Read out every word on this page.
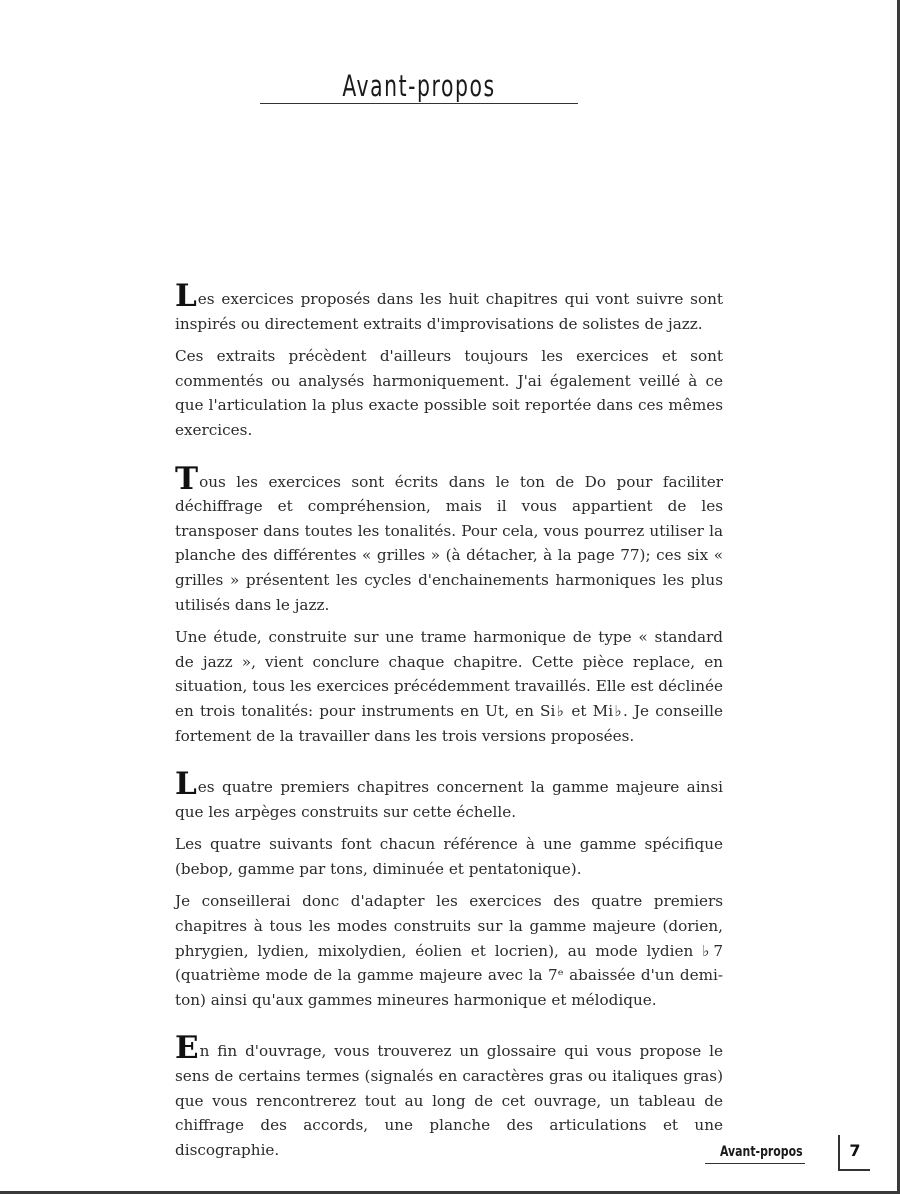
Avant-propos

Les exercices proposés dans les huit chapitres qui vont suivre sont inspirés ou directement extraits d'improvisations de solistes de jazz.

Ces extraits précèdent d'ailleurs toujours les exercices et sont commentés ou analysés harmoniquement. J'ai également veillé à ce que l'articulation la plus exacte possible soit reportée dans ces mêmes exercices.

Tous les exercices sont écrits dans le ton de Do pour faciliter déchiffrage et compréhension, mais il vous appartient de les transposer dans toutes les tonalités. Pour cela, vous pourrez utiliser la planche des différentes « grilles » (à détacher, à la page 77); ces six « grilles » présentent les cycles d'enchainements harmoniques les plus utilisés dans le jazz.

Une étude, construite sur une trame harmonique de type « standard de jazz », vient conclure chaque chapitre. Cette pièce replace, en situation, tous les exercices précédemment travaillés. Elle est déclinée en trois tonalités: pour instruments en Ut, en Si♭ et Mi♭. Je conseille fortement de la travailler dans les trois versions proposées.

Les quatre premiers chapitres concernent la gamme majeure ainsi que les arpèges construits sur cette échelle.

Les quatre suivants font chacun référence à une gamme spécifique (bebop, gamme par tons, diminuée et pentatonique).

Je conseillerai donc d'adapter les exercices des quatre premiers chapitres à tous les modes construits sur la gamme majeure (dorien, phrygien, lydien, mixolydien, éolien et locrien), au mode lydien ♭7 (quatrième mode de la gamme majeure avec la 7ᵉ abaissée d'un demi-ton) ainsi qu'aux gammes mineures harmonique et mélodique.

En fin d'ouvrage, vous trouverez un glossaire qui vous propose le sens de certains termes (signalés en caractères gras ou italiques gras) que vous rencontrerez tout au long de cet ouvrage, un tableau de chiffrage des accords, une planche des articulations et une discographie.	Avant-propos	7
